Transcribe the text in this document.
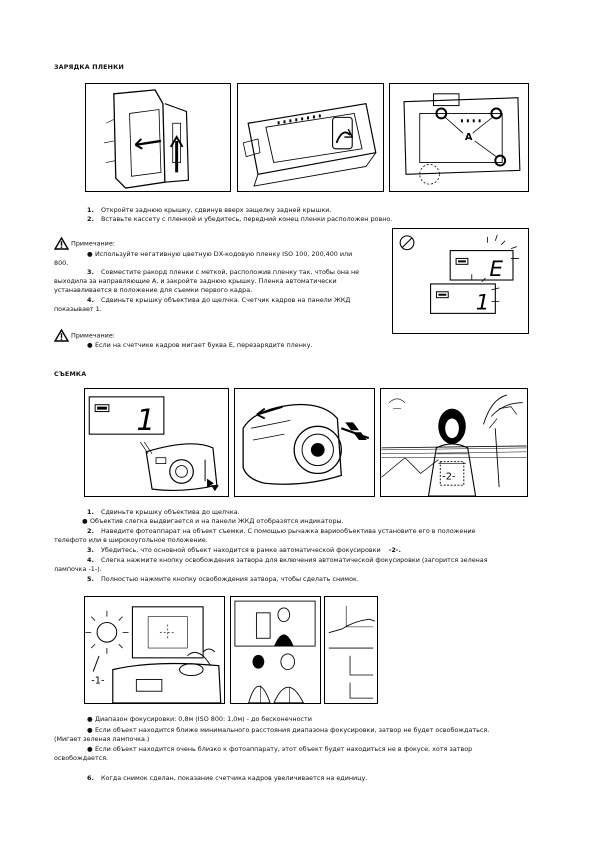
ЗАРЯДКА ПЛЕНКИ
A
1. Откройте заднюю крышку, сдвинув вверх защелку задней крышки.
2. Вставьте кассету с пленкой и убедитесь, передний конец пленки расположен ровно.
Примечание:
● Используйте негативную цветную DX-кодовую пленку ISO 100, 200,400 или
800.
3. Совместите ракорд пленки с меткой, расположив пленку так, чтобы она не
выходила за направляющие А, и закройте заднюю крышку. Пленка автоматически
устанавливается в положение для съемки первого кадра.
4. Сдвиньте крышку объектива до щелчка. Счетчик кадров на панели ЖКД
показывает 1.
E
1
Примечание:
● Если на счетчике кадров мигает буква Е, перезарядите пленку.
СЪЕМКА
1
-2-
1. Сдвиньте крышку объектива до щелчка.
● Объектив слегка выдвигается и на панели ЖКД отобразятся индикаторы.
2. Наведите фотоаппарат на объект съемки. С помощью рычажка вариообъектива установите его в положение
телефото или в широкоугольное положение.
3. Убедитесь, что основной объект находится в рамке автоматической фокусировки -2-.
4. Слегка нажмите кнопку освобождения затвора для включения автоматической фокусировки (загорится зеленая
лампочка -1-).
5. Полностью нажмите кнопку освобождения затвора, чтобы сделать снимок.
-1-
● Диапазон фокусировки: 0,8м (ISO 800: 1,0м) - до бесконечности
● Если объект находится ближе минимального расстояния диапазона фокусировки, затвор не будет освобождаться.
(Мигает зеленая лампочка.)
● Если объект находится очень близко к фотоаппарату, этот объект будет находиться не в фокусе, хотя затвор
освобождается.
6. Когда снимок сделан, показание счетчика кадров увеличивается на единицу.
